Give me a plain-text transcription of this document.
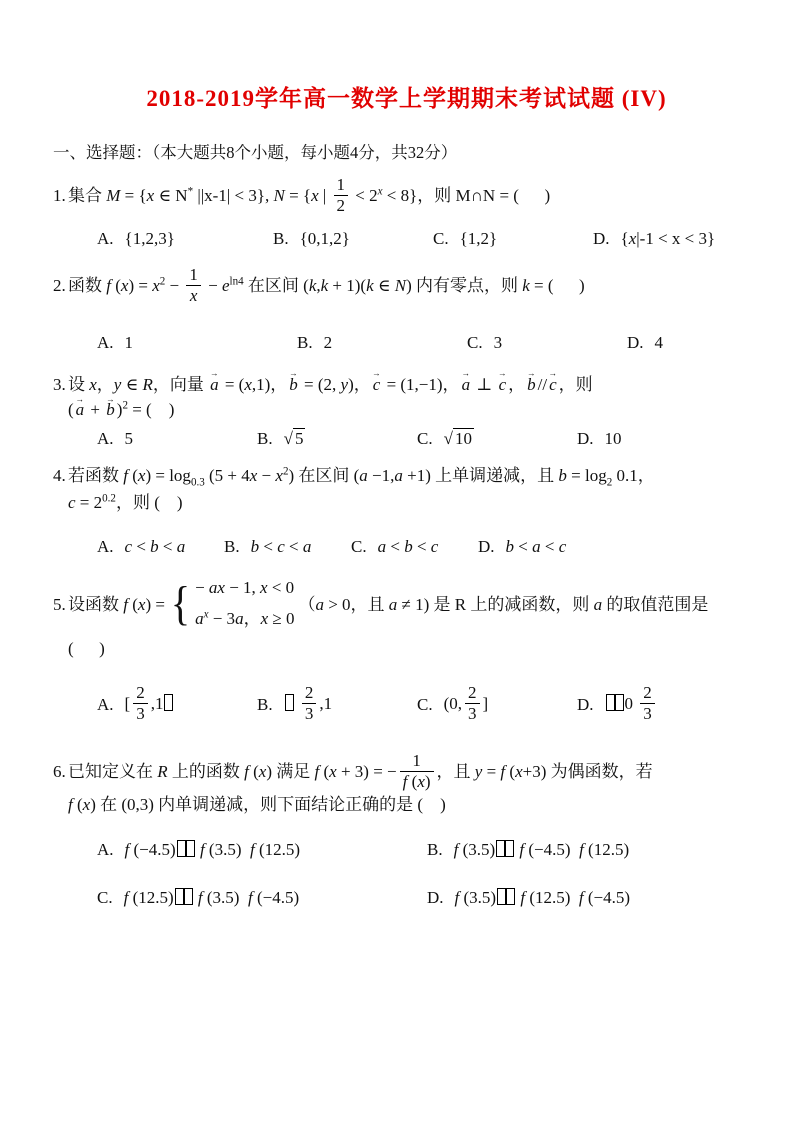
2018-2019学年高一数学上学期期末考试试题 (IV)
一、选择题：（本大题共8个小题，每小题4分，共32分）
1.集合 M = {x ∈ N* ||x-1| < 3}, N = {x | $\frac{1}{2} < 2^x < 8$}，则 M∩N = (      )
A. {1,2,3}	B. {0,1,2}	C. {1,2}	D. {x|-1 < x < 3}
2.函数 f $(x) = x^2 - \frac{1}{x} - e^{ln4}$ 在区间 (k,k + 1)(k ∈ N) 内有零点，则 k = (      )
A. 1	B. 2	C. 3	D. 4
3.设 x，y ∈ R，向量 a → = (x,1)， b → = (2, y)， c → = (1,−1)， a → ⊥ c → ， b → // c → ，则
( a → + b → )$^2$ = (    )
A. 5	B. √ 5	C. √ 10	D. 10
4.若函数 f $(x) = \log_{0.3} (5 + 4x - x^2)$ 在区间 (a −1,a +1) 上单调递减，且 $b = \log_2 0.1$，
$c = 2^{0.2}$，则 (    )
A. c < b < a B. b < c < a C. a < b < c D. b < a < c
5.设函数 f (x) = { − ax − 1, x < 0
$a^x - 3a$，x ≥ 0
（a > 0，且 a ≠ 1) 是 R 上的减函数，则 a 的取值范围是
(      )
A. [ $\frac{2}{3} ,1$	B.
$\frac{2}{3} ,1$	C. (0, $\frac{2}{3}$ ]	D.	$0 \frac{2}{3}$
6.已知定义在 R 上的函数 f (x) 满足 f (x + 3) = − $\frac{1}{f (x)}$ ，且 y = f (x+3) 为偶函数，若
f (x) 在 (0,3) 内单调递减，则下面结论正确的是 (    )
A. f (−4.5) f (3.5)  f (12.5)	B. f (3.5) f (−4.5)  f (12.5)
C. f (12.5) f (3.5)  f (−4.5)	D. f (3.5) f (12.5)  f (−4.5)
